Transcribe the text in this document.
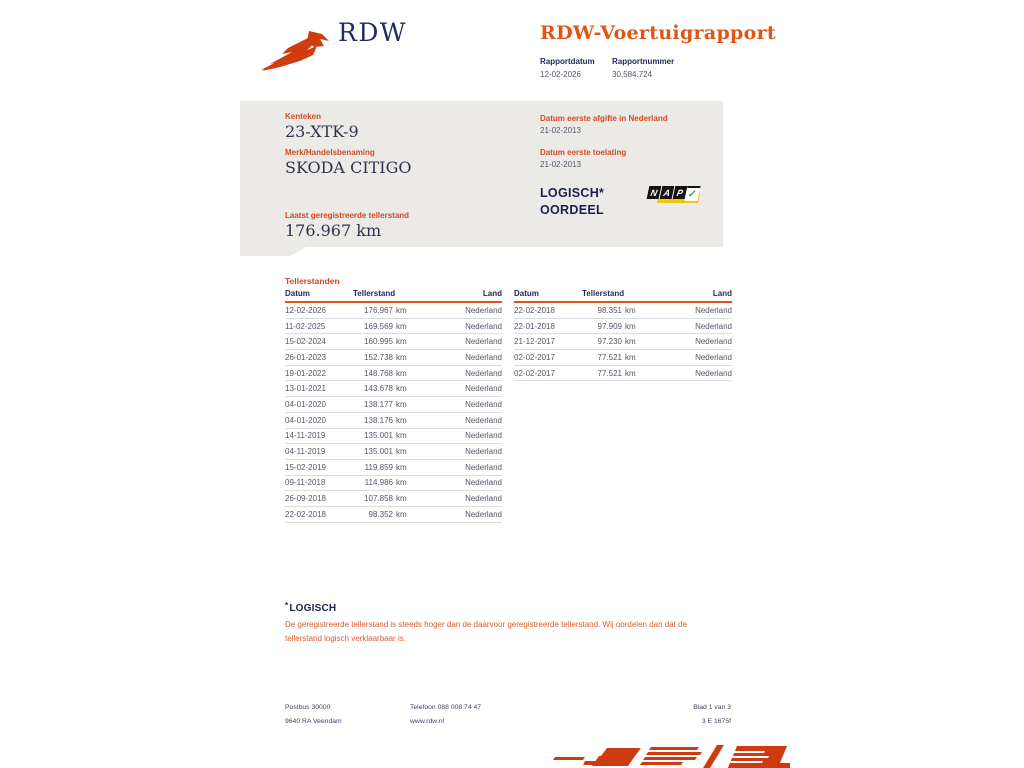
RDW	RDW-Voertuigrapport
Rapportdatum
12-02-2026
Rapportnummer
30.584.724
Kenteken
23-XTK-9
Merk/Handelsbenaming
SKODA CITIGO
Laatst geregistreerde tellerstand
176.967 km
Datum eerste afgifte in Nederland
21-02-2013
Datum eerste toelating
21-02-2013
LOGISCH*
OORDEEL
N A P ✓
Tellerstanden
Datum	Tellerstand	Land
12-02-2026	176.967 km	Nederland
11-02-2025	169.569 km	Nederland
15-02-2024	160.995 km	Nederland
26-01-2023	152.738 km	Nederland
19-01-2022	148.768 km	Nederland
13-01-2021	143.678 km	Nederland
04-01-2020	138.177 km	Nederland
04-01-2020	138.176 km	Nederland
14-11-2019	135.001 km	Nederland
04-11-2019	135.001 km	Nederland
15-02-2019	119.859 km	Nederland
09-11-2018	114.986 km	Nederland
26-09-2018	107.858 km	Nederland
22-02-2018	98.352 km	Nederland
Datum	Tellerstand	Land
22-02-2018	98.351 km	Nederland
22-01-2018	97.909 km	Nederland
21-12-2017	97.230 km	Nederland
02-02-2017	77.521 km	Nederland
02-02-2017	77.521 km	Nederland
*LOGISCH
De geregistreerde tellerstand is steeds hoger dan de daarvoor geregistreerde tellerstand. Wij oordelen dan dat de tellerstand logisch verklaarbaar is.
Postbus 30000
9640 RA Veendam
Telefoon 088 008 74 47
www.rdw.nl
Blad 1 van 3
3 E 1675f
